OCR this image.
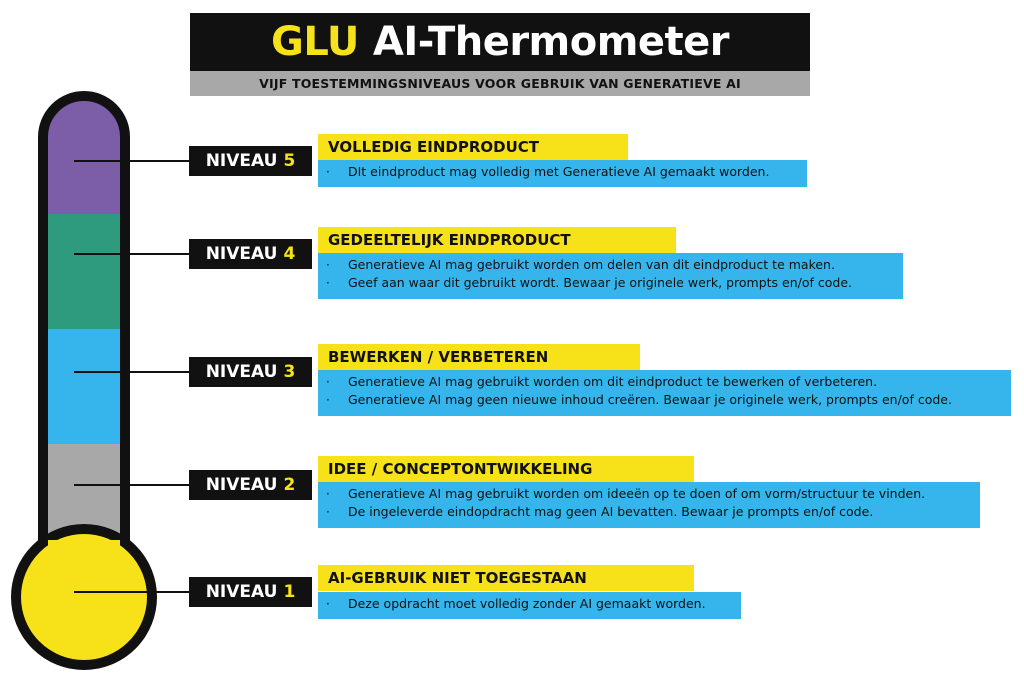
GLU AI-Thermometer
VIJF TOESTEMMINGSNIVEAUS VOOR GEBRUIK VAN GENERATIEVE AI
NIVEAU 5
VOLLEDIG EINDPRODUCT
·	DIt eindproduct mag volledig met Generatieve AI gemaakt worden.
NIVEAU 4
GEDEELTELIJK EINDPRODUCT
·	Generatieve AI mag gebruikt worden om delen van dit eindproduct te maken.
·	Geef aan waar dit gebruikt wordt. Bewaar je originele werk, prompts en/of code.
NIVEAU 3
BEWERKEN / VERBETEREN
·	Generatieve AI mag gebruikt worden om dit eindproduct te bewerken of verbeteren.
·	Generatieve AI mag geen nieuwe inhoud creëren. Bewaar je originele werk, prompts en/of code.
NIVEAU 2
IDEE / CONCEPTONTWIKKELING
·	Generatieve AI mag gebruikt worden om ideeën op te doen of om vorm/structuur te vinden.
·	De ingeleverde eindopdracht mag geen AI bevatten. Bewaar je prompts en/of code.
NIVEAU 1
AI-GEBRUIK NIET TOEGESTAAN
·	Deze opdracht moet volledig zonder AI gemaakt worden.
